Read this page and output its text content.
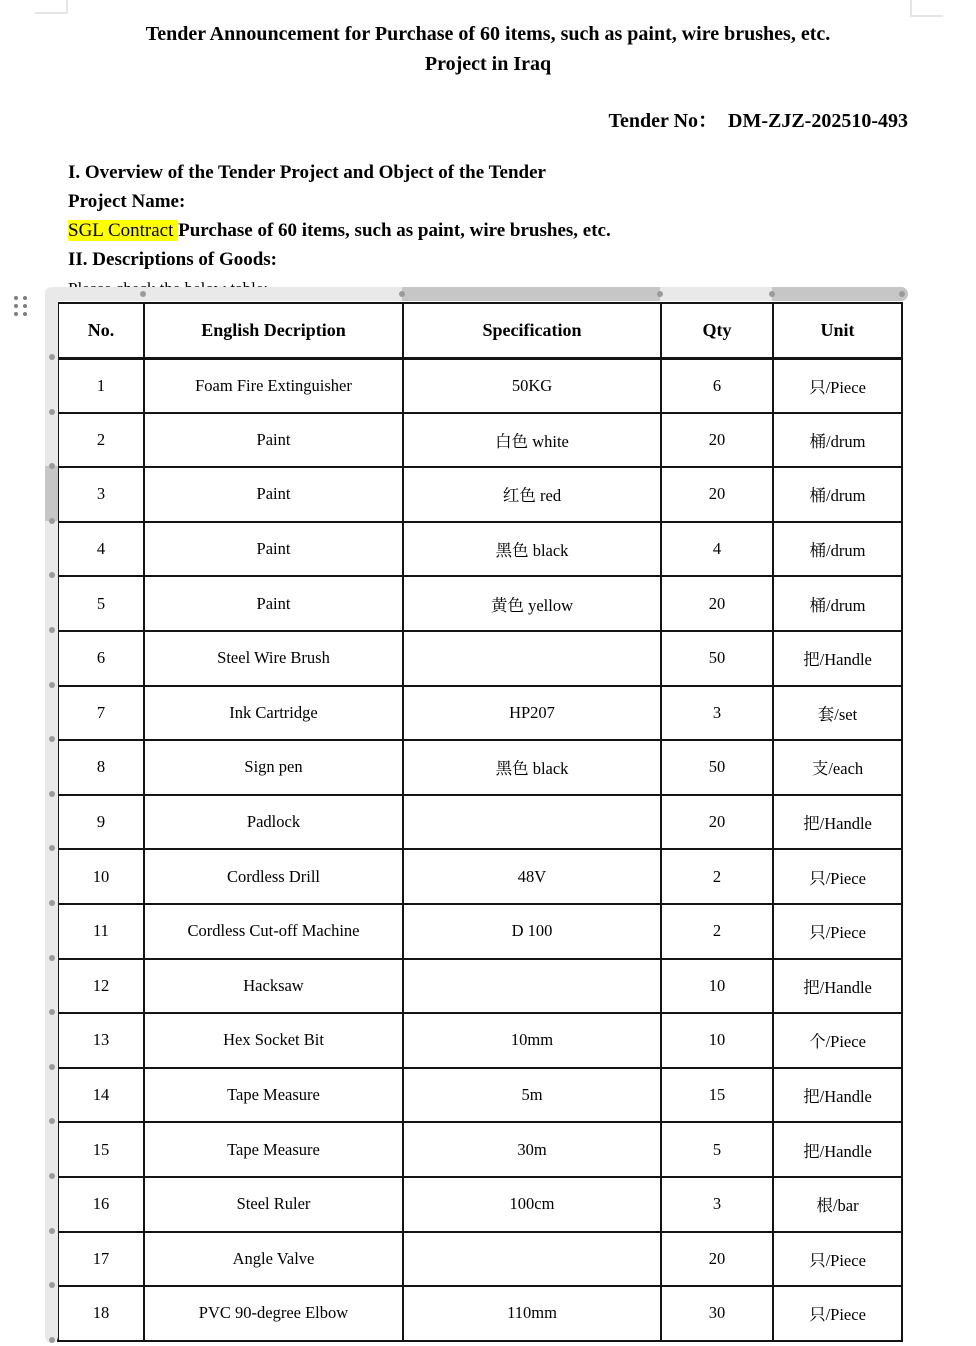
Tender Announcement for Purchase of 60 items, such as paint, wire brushes, etc.
Project in Iraq
Tender No： DM-ZJZ-202510-493
I. Overview of the Tender Project and Object of the Tender
Project Name:
SGL Contract Purchase of 60 items, such as paint, wire brushes, etc.
II. Descriptions of Goods:
No.	English Decription	Specification	Qty	Unit
1	Foam Fire Extinguisher	50KG	6	只/Piece
2	Paint	白色 white	20	桶/drum
3	Paint	红色 red	20	桶/drum
4	Paint	黑色 black	4	桶/drum
5	Paint	黄色 yellow	20	桶/drum
6	Steel Wire Brush		50	把/Handle
7	Ink Cartridge	HP207	3	套/set
8	Sign pen	黑色 black	50	支/each
9	Padlock		20	把/Handle
10	Cordless Drill	48V	2	只/Piece
11	Cordless Cut-off Machine	D 100	2	只/Piece
12	Hacksaw		10	把/Handle
13	Hex Socket Bit	10mm	10	个/Piece
14	Tape Measure	5m	15	把/Handle
15	Tape Measure	30m	5	把/Handle
16	Steel Ruler	100cm	3	根/bar
17	Angle Valve		20	只/Piece
18	PVC 90-degree Elbow	110mm	30	只/Piece
